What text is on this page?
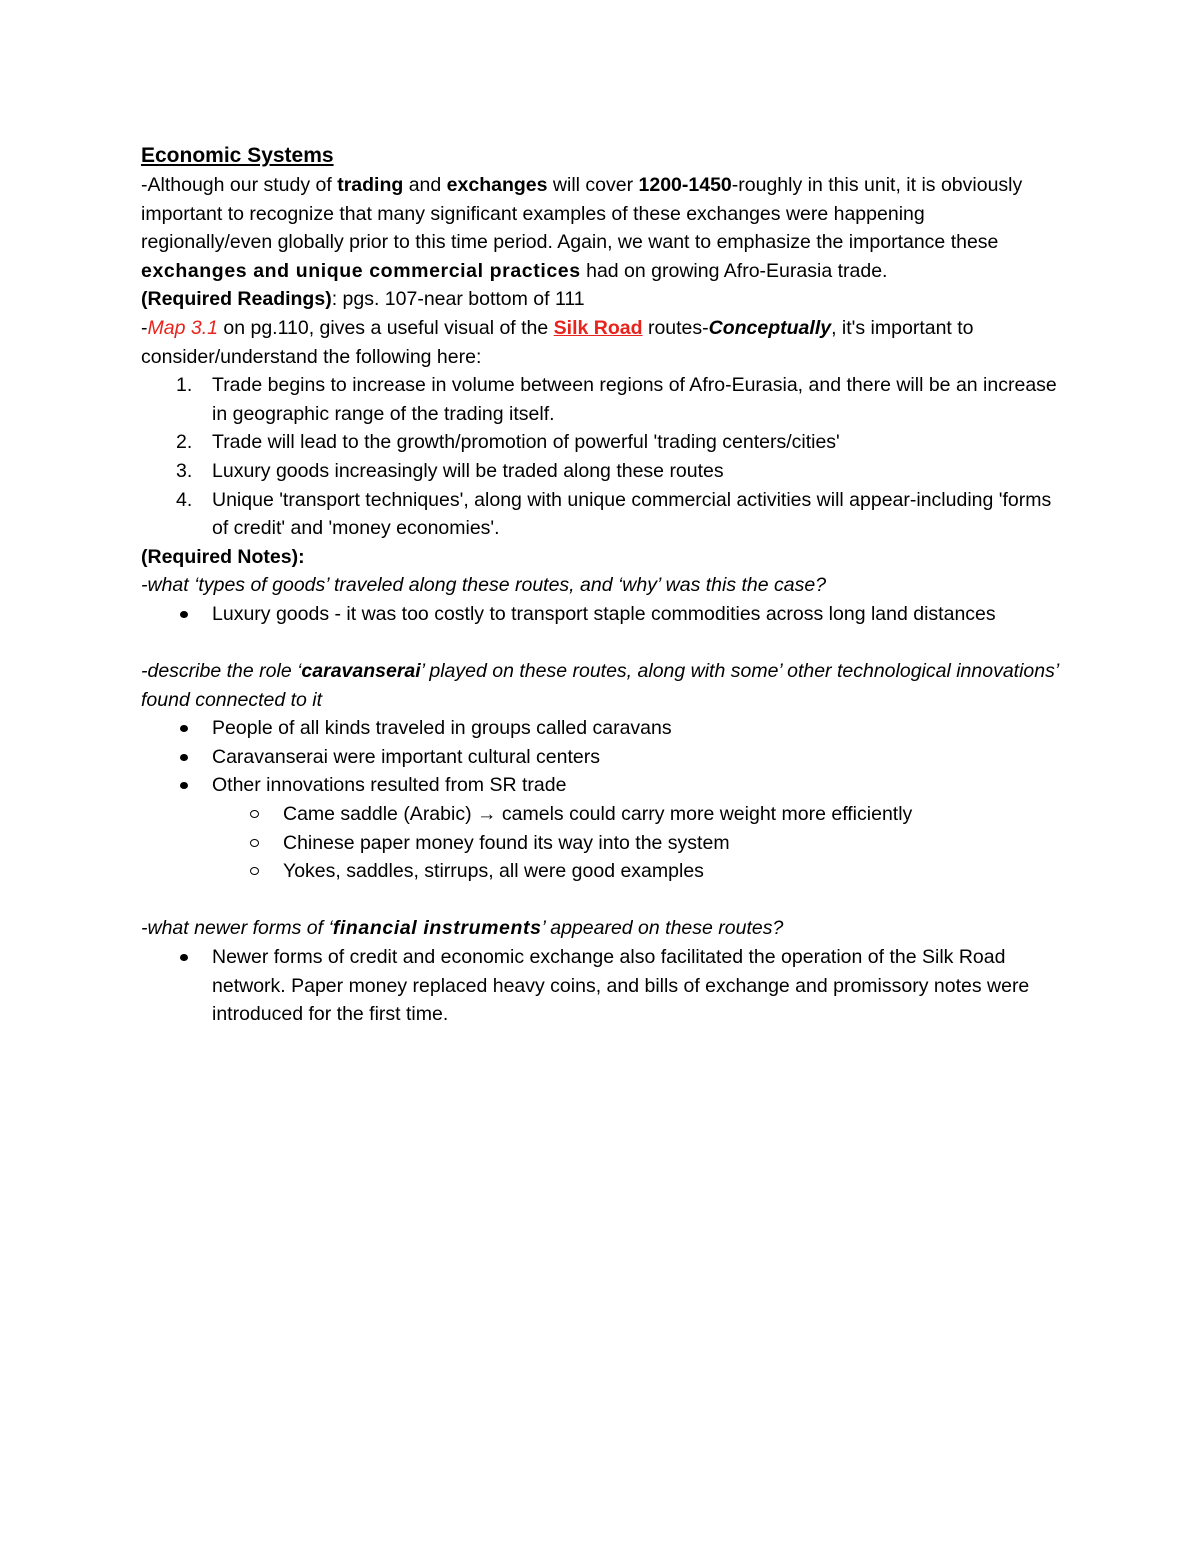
Economic Systems

-Although our study of trading and exchanges will cover 1200-1450-roughly in this unit, it is obviously important to recognize that many significant examples of these exchanges were happening regionally/even globally prior to this time period. Again, we want to emphasize the importance these exchanges and unique commercial practices had on growing Afro-Eurasia trade.

(Required Readings): pgs. 107-near bottom of 111

-Map 3.1 on pg.110, gives a useful visual of the Silk Road routes-Conceptually, it's important to consider/understand the following here:

1. Trade begins to increase in volume between regions of Afro-Eurasia, and there will be an increase in geographic range of the trading itself.
2. Trade will lead to the growth/promotion of powerful 'trading centers/cities'
3. Luxury goods increasingly will be traded along these routes
4. Unique 'transport techniques', along with unique commercial activities will appear-including 'forms of credit' and 'money economies'.

(Required Notes):

-what ‘types of goods’ traveled along these routes, and ‘why’ was this the case?

Luxury goods - it was too costly to transport staple commodities across long land distances

-describe the role ‘caravanserai’ played on these routes, along with some’ other technological innovations’ found connected to it

People of all kinds traveled in groups called caravans
Caravanserai were important cultural centers
Other innovations resulted from SR trade
Came saddle (Arabic) → camels could carry more weight more efficiently
Chinese paper money found its way into the system
Yokes, saddles, stirrups, all were good examples

-what newer forms of ‘financial instruments’ appeared on these routes?

Newer forms of credit and economic exchange also facilitated the operation of the Silk Road network. Paper money replaced heavy coins, and bills of exchange and promissory notes were introduced for the first time.
